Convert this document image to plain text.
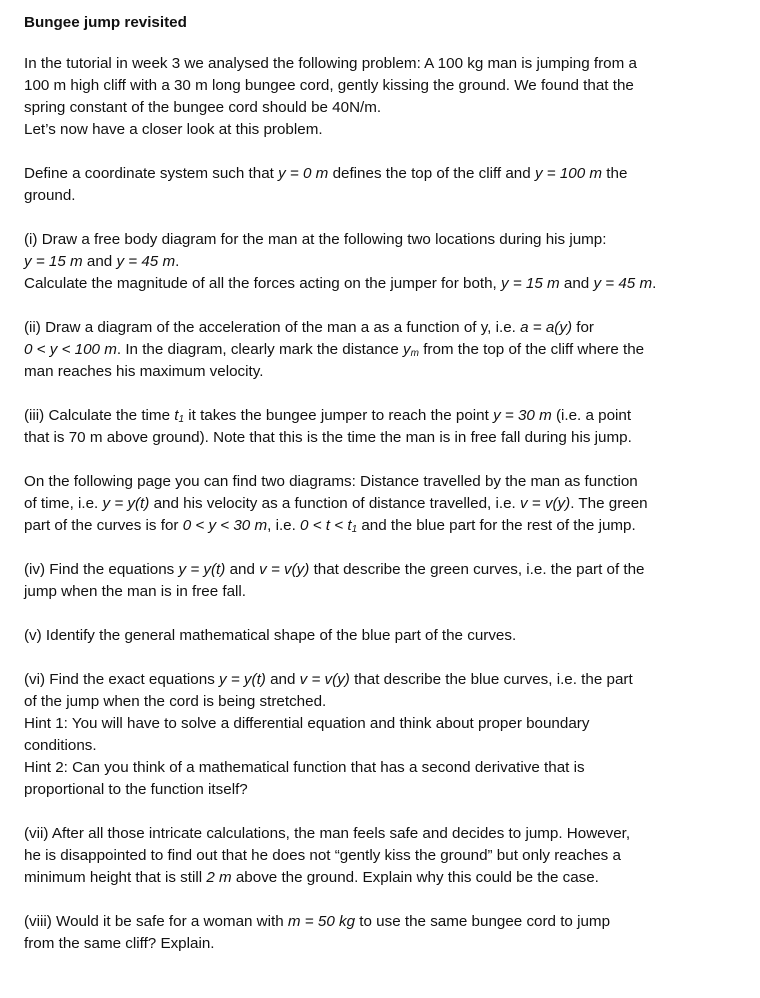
Bungee jump revisited
In the tutorial in week 3 we analysed the following problem: A 100 kg man is jumping from a
100 m high cliff with a 30 m long bungee cord, gently kissing the ground. We found that the
spring constant of the bungee cord should be 40N/m.
Let’s now have a closer look at this problem.
Define a coordinate system such that y = 0 m defines the top of the cliff and y = 100 m the
ground.
(i) Draw a free body diagram for the man at the following two locations during his jump:
y = 15 m and y = 45 m.
Calculate the magnitude of all the forces acting on the jumper for both, y = 15 m and y = 45 m.
(ii) Draw a diagram of the acceleration of the man a as a function of y, i.e. a = a(y) for
0 < y < 100 m. In the diagram, clearly mark the distance $y_m$ from the top of the cliff where the
man reaches his maximum velocity.
(iii) Calculate the time $t_1$ it takes the bungee jumper to reach the point y = 30 m (i.e. a point
that is 70 m above ground). Note that this is the time the man is in free fall during his jump.
On the following page you can find two diagrams: Distance travelled by the man as function
of time, i.e. y = y(t) and his velocity as a function of distance travelled, i.e. v = v(y). The green
part of the curves is for 0 < y < 30 m, i.e. $0 < t < t_1$ and the blue part for the rest of the jump.
(iv) Find the equations y = y(t) and v = v(y) that describe the green curves, i.e. the part of the
jump when the man is in free fall.
(v) Identify the general mathematical shape of the blue part of the curves.
(vi) Find the exact equations y = y(t) and v = v(y) that describe the blue curves, i.e. the part
of the jump when the cord is being stretched.
Hint 1: You will have to solve a differential equation and think about proper boundary
conditions.
Hint 2: Can you think of a mathematical function that has a second derivative that is
proportional to the function itself?
(vii) After all those intricate calculations, the man feels safe and decides to jump. However,
he is disappointed to find out that he does not “gently kiss the ground” but only reaches a
minimum height that is still 2 m above the ground. Explain why this could be the case.
(viii) Would it be safe for a woman with m = 50 kg to use the same bungee cord to jump
from the same cliff? Explain.
